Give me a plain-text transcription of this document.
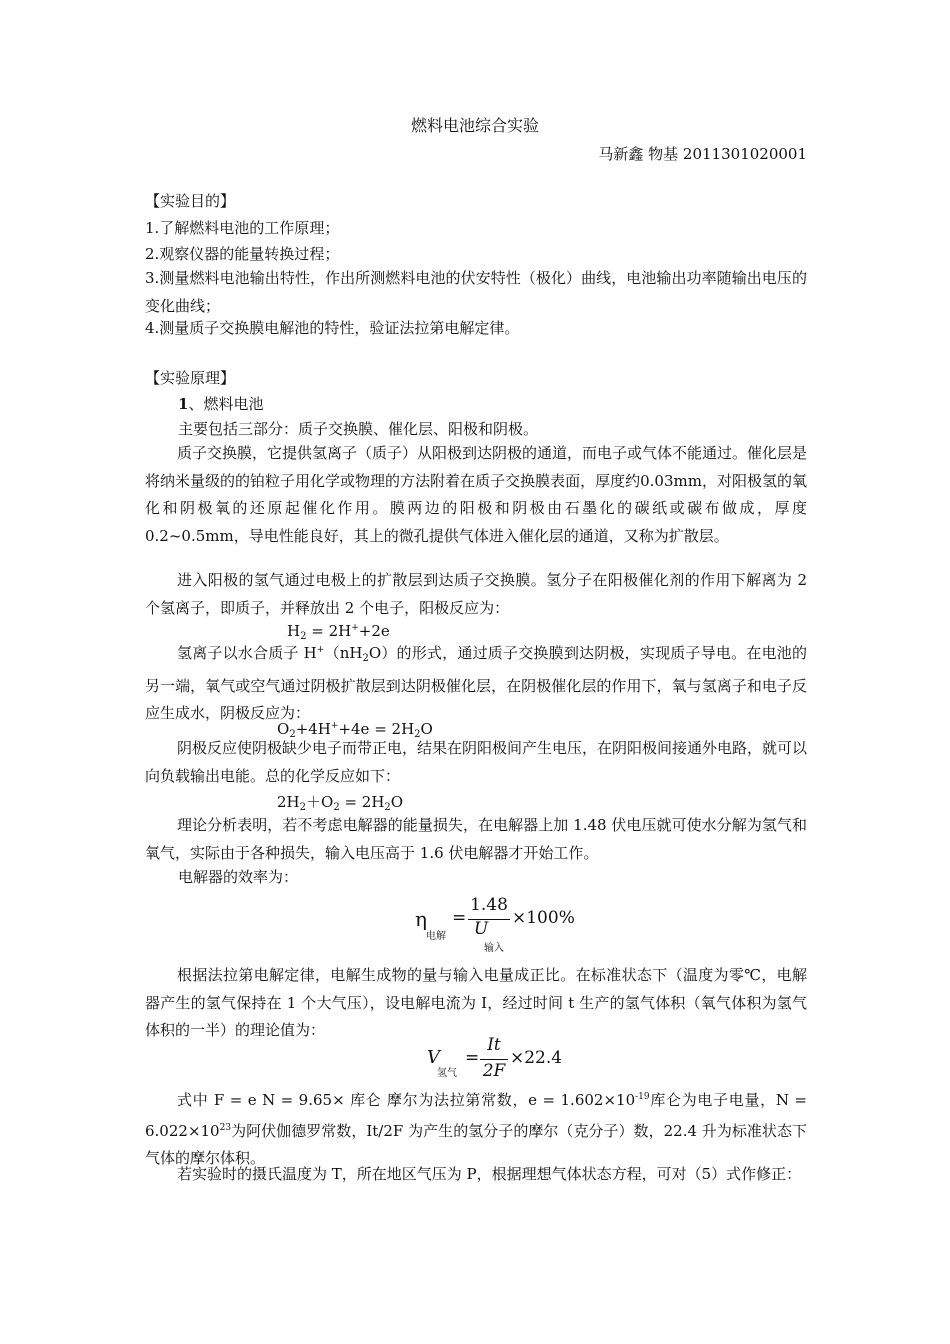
燃料电池综合实验
马新鑫 物基 2011301020001
【实验目的】
1.了解燃料电池的工作原理；
2.观察仪器的能量转换过程；
3.测量燃料电池输出特性，作出所测燃料电池的伏安特性（极化）曲线，电池输出功率随输出电压的变化曲线；
4.测量质子交换膜电解池的特性，验证法拉第电解定律。
【实验原理】
1、燃料电池
主要包括三部分：质子交换膜、催化层、阳极和阴极。
质子交换膜，它提供氢离子（质子）从阳极到达阴极的通道，而电子或气体不能通过。催化层是将纳米量级的的铂粒子用化学或物理的方法附着在质子交换膜表面，厚度约0.03mm，对阳极氢的氧化和阴极氧的还原起催化作用。膜两边的阳极和阴极由石墨化的碳纸或碳布做成，厚度0.2~0.5mm，导电性能良好，其上的微孔提供气体进入催化层的通道，又称为扩散层。
进入阳极的氢气通过电极上的扩散层到达质子交换膜。氢分子在阳极催化剂的作用下解离为 2 个氢离子，即质子，并释放出 2 个电子，阳极反应为：
$H_2 = 2H^++2e$
氢离子以水合质子 $H^+(nH_2O)$的形式，通过质子交换膜到达阴极，实现质子导电。在电池的另一端，氧气或空气通过阴极扩散层到达阴极催化层，在阴极催化层的作用下，氧与氢离子和电子反应生成水，阴极反应为：
$O_2+4H^++4e = 2H_2O$
阴极反应使阴极缺少电子而带正电，结果在阴阳极间产生电压，在阴阳极间接通外电路，就可以向负载输出电能。总的化学反应如下：
$2H_2+O_2 = 2H_2O$
理论分析表明，若不考虑电解器的能量损失，在电解器上加 1.48 伏电压就可使水分解为氢气和氧气，实际由于各种损失，输入电压高于 1.6 伏电解器才开始工作。
电解器的效率为：
η
电解
=
1.48
U
输入
×100%
根据法拉第电解定律，电解生成物的量与输入电量成正比。在标准状态下（温度为零℃，电解器产生的氢气保持在 1 个大气压），设电解电流为 I，经过时间 t 生产的氢气体积（氧气体积为氢气体积的一半）的理论值为：
V
氢气
=
It
2F
×22.4
式中 F = e N = 9.65× 库仑 摩尔为法拉第常数，$e = 1.602\times 10^{-19}$库仑为电子电量，$N = 6.022\times 10^{23}$为阿伏伽德罗常数，It/2F 为产生的氢分子的摩尔（克分子）数，22.4 升为标准状态下气体的摩尔体积。
若实验时的摄氏温度为 T，所在地区气压为 P，根据理想气体状态方程，可对（5）式作修正：
